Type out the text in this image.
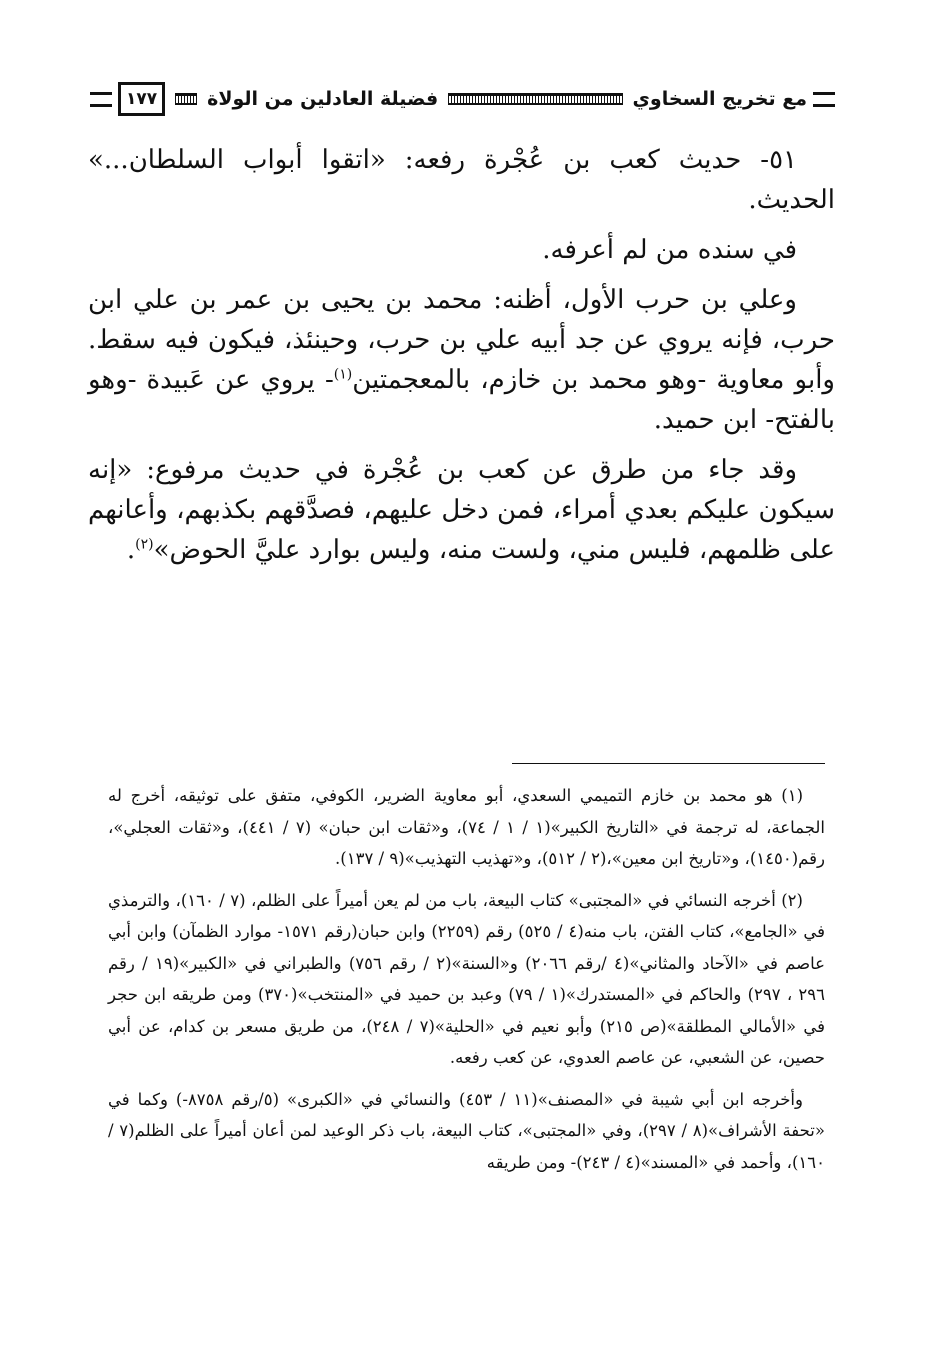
مع تخريج السخاوي
فضيلة العادلين من الولاة
١٧٧

٥١- حديث كعب بن عُجْرة رفعه: «اتقوا أبواب السلطان...» الحديث.

في سنده من لم أعرفه.

وعلي بن حرب الأول، أظنه: محمد بن يحيى بن عمر بن علي ابن حرب، فإنه يروي عن جد أبيه علي بن حرب، وحينئذ، فيكون فيه سقط. وأبو معاوية -وهو محمد بن خازم، بالمعجمتين$^{(١)}$- يروي عن عَبيدة -وهو بالفتح- ابن حميد.

وقد جاء من طرق عن كعب بن عُجْرة في حديث مرفوع: «إنه سيكون عليكم بعدي أمراء، فمن دخل عليهم، فصدَّقهم بكذبهم، وأعانهم على ظلمهم، فليس مني، ولست منه، وليس بوارد عليَّ الحوض»$^{(٢)}$.

(١) هو محمد بن خازم التميمي السعدي، أبو معاوية الضرير، الكوفي، متفق على توثيقه، أخرج له الجماعة، له ترجمة في «التاريخ الكبير»(١ / ١ / ٧٤)، و«ثقات ابن حبان» (٧ / ٤٤١)، و«ثقات العجلي»، رقم(١٤٥٠)، و«تاريخ ابن معين»،(٢ / ٥١٢)، و«تهذيب التهذيب»(٩ / ١٣٧).

(٢) أخرجه النسائي في «المجتبى» كتاب البيعة، باب من لم يعن أميراً على الظلم، (٧ / ١٦٠)، والترمذي في «الجامع»، كتاب الفتن، باب منه(٤ / ٥٢٥) رقم (٢٢٥٩) وابن حبان(رقم ١٥٧١- موارد الظمآن) وابن أبي عاصم في «الآحاد والمثاني»(٤ /رقم ٢٠٦٦) و«السنة»(٢ / رقم ٧٥٦) والطبراني في «الكبير»(١٩ / رقم ٢٩٦ ، ٢٩٧) والحاكم في «المستدرك»(١ / ٧٩) وعبد بن حميد في «المنتخب»(٣٧٠) ومن طريقه ابن حجر في «الأمالي المطلقة»(ص ٢١٥) وأبو نعيم في «الحلية»(٧ / ٢٤٨)، من طريق مسعر بن كدام، عن أبي حصين، عن الشعبي، عن عاصم العدوي، عن كعب رفعه.

وأخرجه ابن أبي شيبة في «المصنف»(١١ / ٤٥٣) والنسائي في «الكبرى» (٥/رقم ٨٧٥٨-) وكما في «تحفة الأشراف»(٨ / ٢٩٧)، وفي «المجتبى»، كتاب البيعة، باب ذكر الوعيد لمن أعان أميراً على الظلم(٧ / ١٦٠)، وأحمد في «المسند»(٤ / ٢٤٣)- ومن طريقه
